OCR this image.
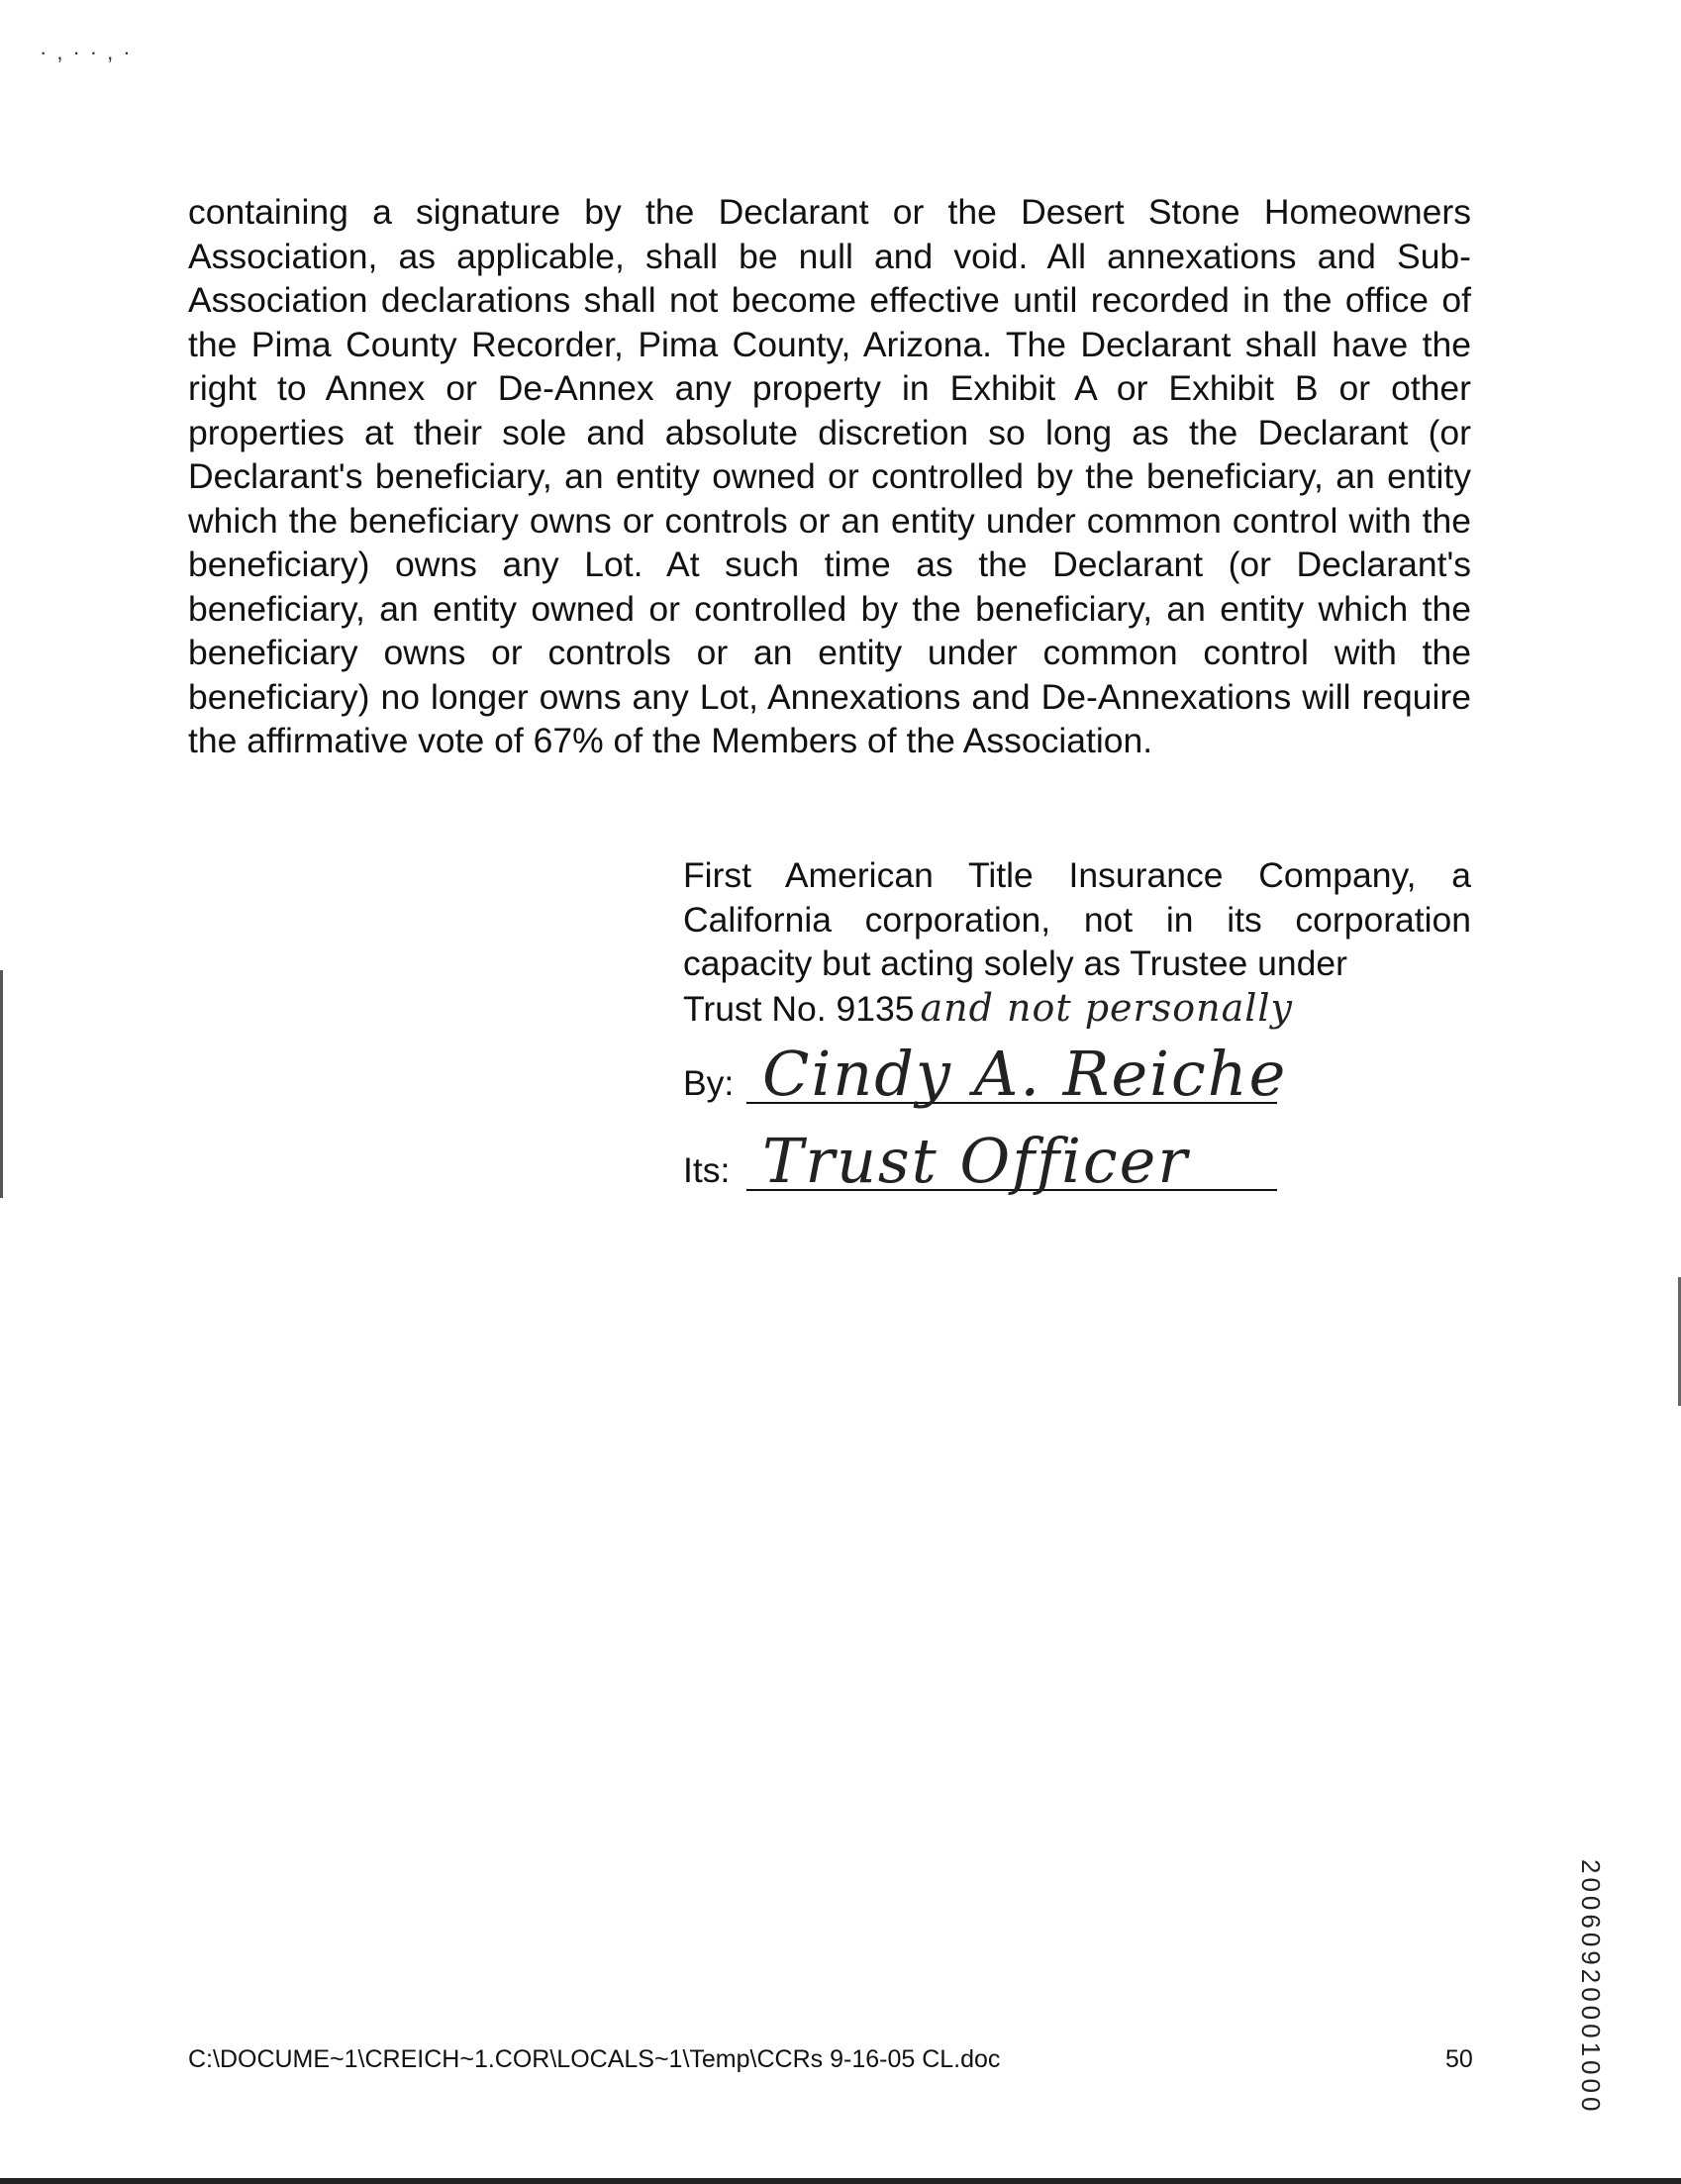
·,··,·

containing a signature by the Declarant or the Desert Stone Homeowners Association, as applicable, shall be null and void. All annexations and Sub-Association declarations shall not become effective until recorded in the office of the Pima County Recorder, Pima County, Arizona. The Declarant shall have the right to Annex or De-Annex any property in Exhibit A or Exhibit B or other properties at their sole and absolute discretion so long as the Declarant (or Declarant's beneficiary, an entity owned or controlled by the beneficiary, an entity which the beneficiary owns or controls or an entity under common control with the beneficiary) owns any Lot. At such time as the Declarant (or Declarant's beneficiary, an entity owned or controlled by the beneficiary, an entity which the beneficiary owns or controls or an entity under common control with the beneficiary) no longer owns any Lot, Annexations and De-Annexations will require the affirmative vote of 67% of the Members of the Association.

First American Title Insurance Company, a California corporation, not in its corporation capacity but acting solely as Trustee under
Trust No. 9135 and not personally
By: Cindy A. Reiche
Its: Trust Officer
20060920001000
C:\DOCUME~1\CREICH~1.COR\LOCALS~1\Temp\CCRs 9-16-05 CL.doc	50
